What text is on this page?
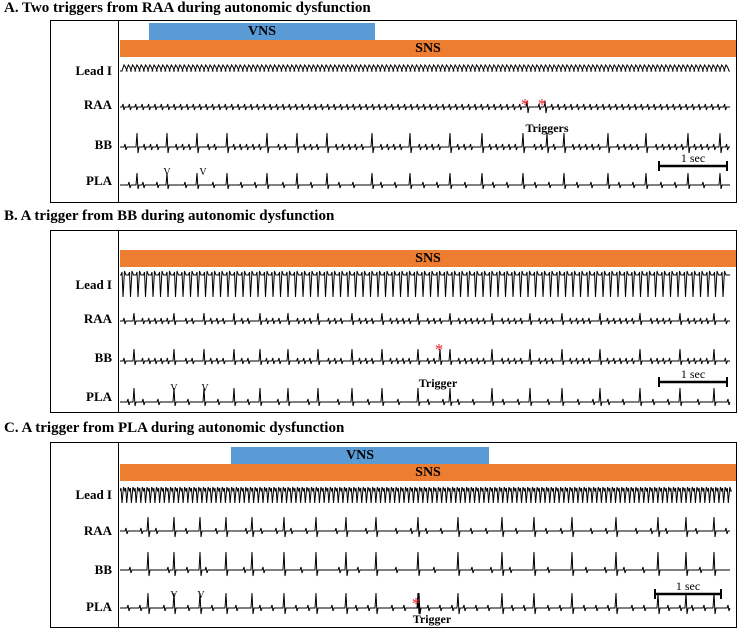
A. Two triggers from RAA during autonomic dysfunction
Lead I
RAA
BB
PLA
VNS
SNS
V	V
* *
Triggers
1 sec
B. A trigger from BB during autonomic dysfunction
Lead I
RAA
BB
PLA
SNS
V V
*
Trigger
1 sec
C. A trigger from PLA during autonomic dysfunction
Lead I
RAA
BB
PLA
VNS
SNS
V V	*
Trigger
1 sec
